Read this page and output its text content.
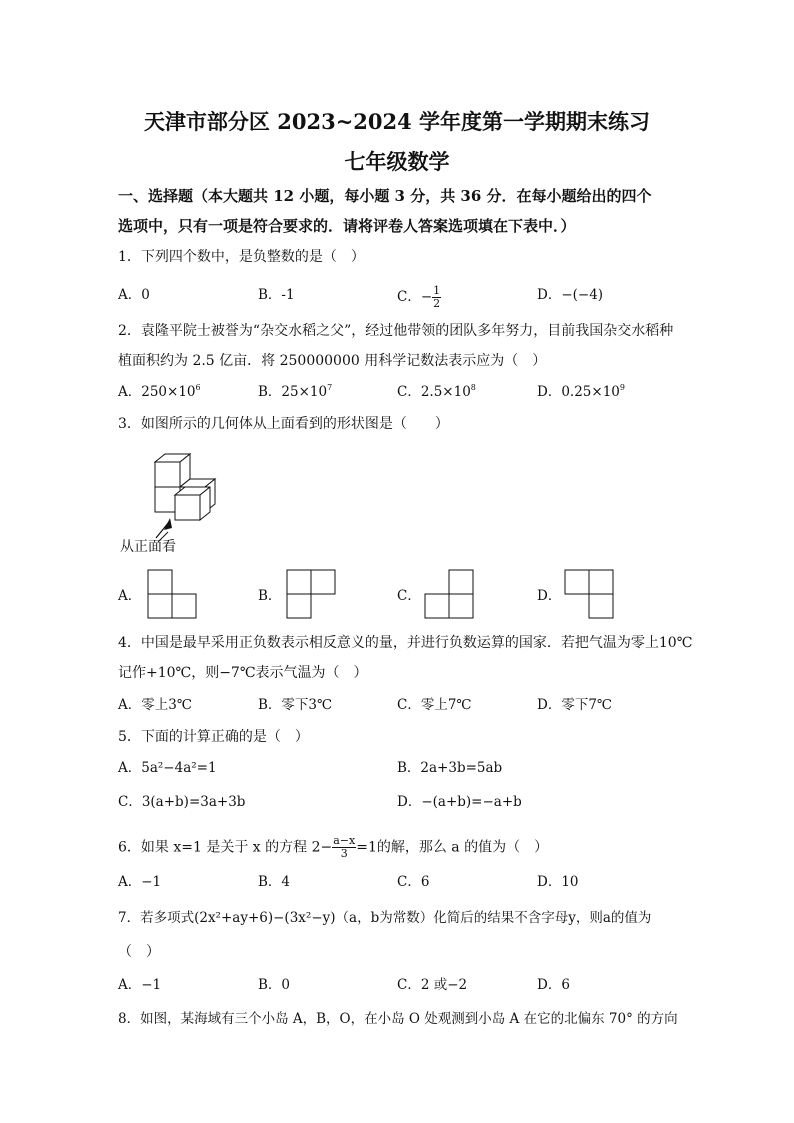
天津市部分区 2023~2024 学年度第一学期期末练习
七年级数学
一、选择题（本大题共 12 小题，每小题 3 分，共 36 分．在每小题给出的四个
选项中，只有一项是符合要求的．请将评卷人答案选项填在下表中．）
1．下列四个数中，是负整数的是（　）
A．0	B．-1	C．− $\frac{1}{2}$	D．−(−4)
2．袁隆平院士被誉为“杂交水稻之父”，经过他带领的团队多年努力，目前我国杂交水稻种
植面积约为 2.5 亿亩．将 250000000 用科学记数法表示应为（　）
A．$250\times 10^6$	B．$25\times 10^7$	C．$2.5\times 10^8$	D．$0.25\times 10^9$
3．如图所示的几何体从上面看到的形状图是（　　）
从正面看
A．	B．	C．	D．
4．中国是最早采用正负数表示相反意义的量，并进行负数运算的国家．若把气温为零上10℃
记作+10℃，则−7℃表示气温为（　）
A．零上3℃	B．零下3℃	C．零上7℃	D．零下7℃
5．下面的计算正确的是（　）
A．5a²−4a²=1	B．2a+3b=5ab
C．3(a+b)=3a+3b	D．−(a+b)=−a+b
6．如果 x=1 是关于 x 的方程 $2- \frac{a-x}{3} =1$的解，那么 a 的值为（　）
A．−1	B．4	C．6	D．10
7．若多项式(2x²+ay+6)−(3x²−y)（a，b为常数）化简后的结果不含字母y，则a的值为
（　）
A．−1	B．0	C．2 或−2	D．6
8．如图，某海域有三个小岛 A，B，O，在小岛 O 处观测到小岛 A 在它的北偏东 70° 的方向
